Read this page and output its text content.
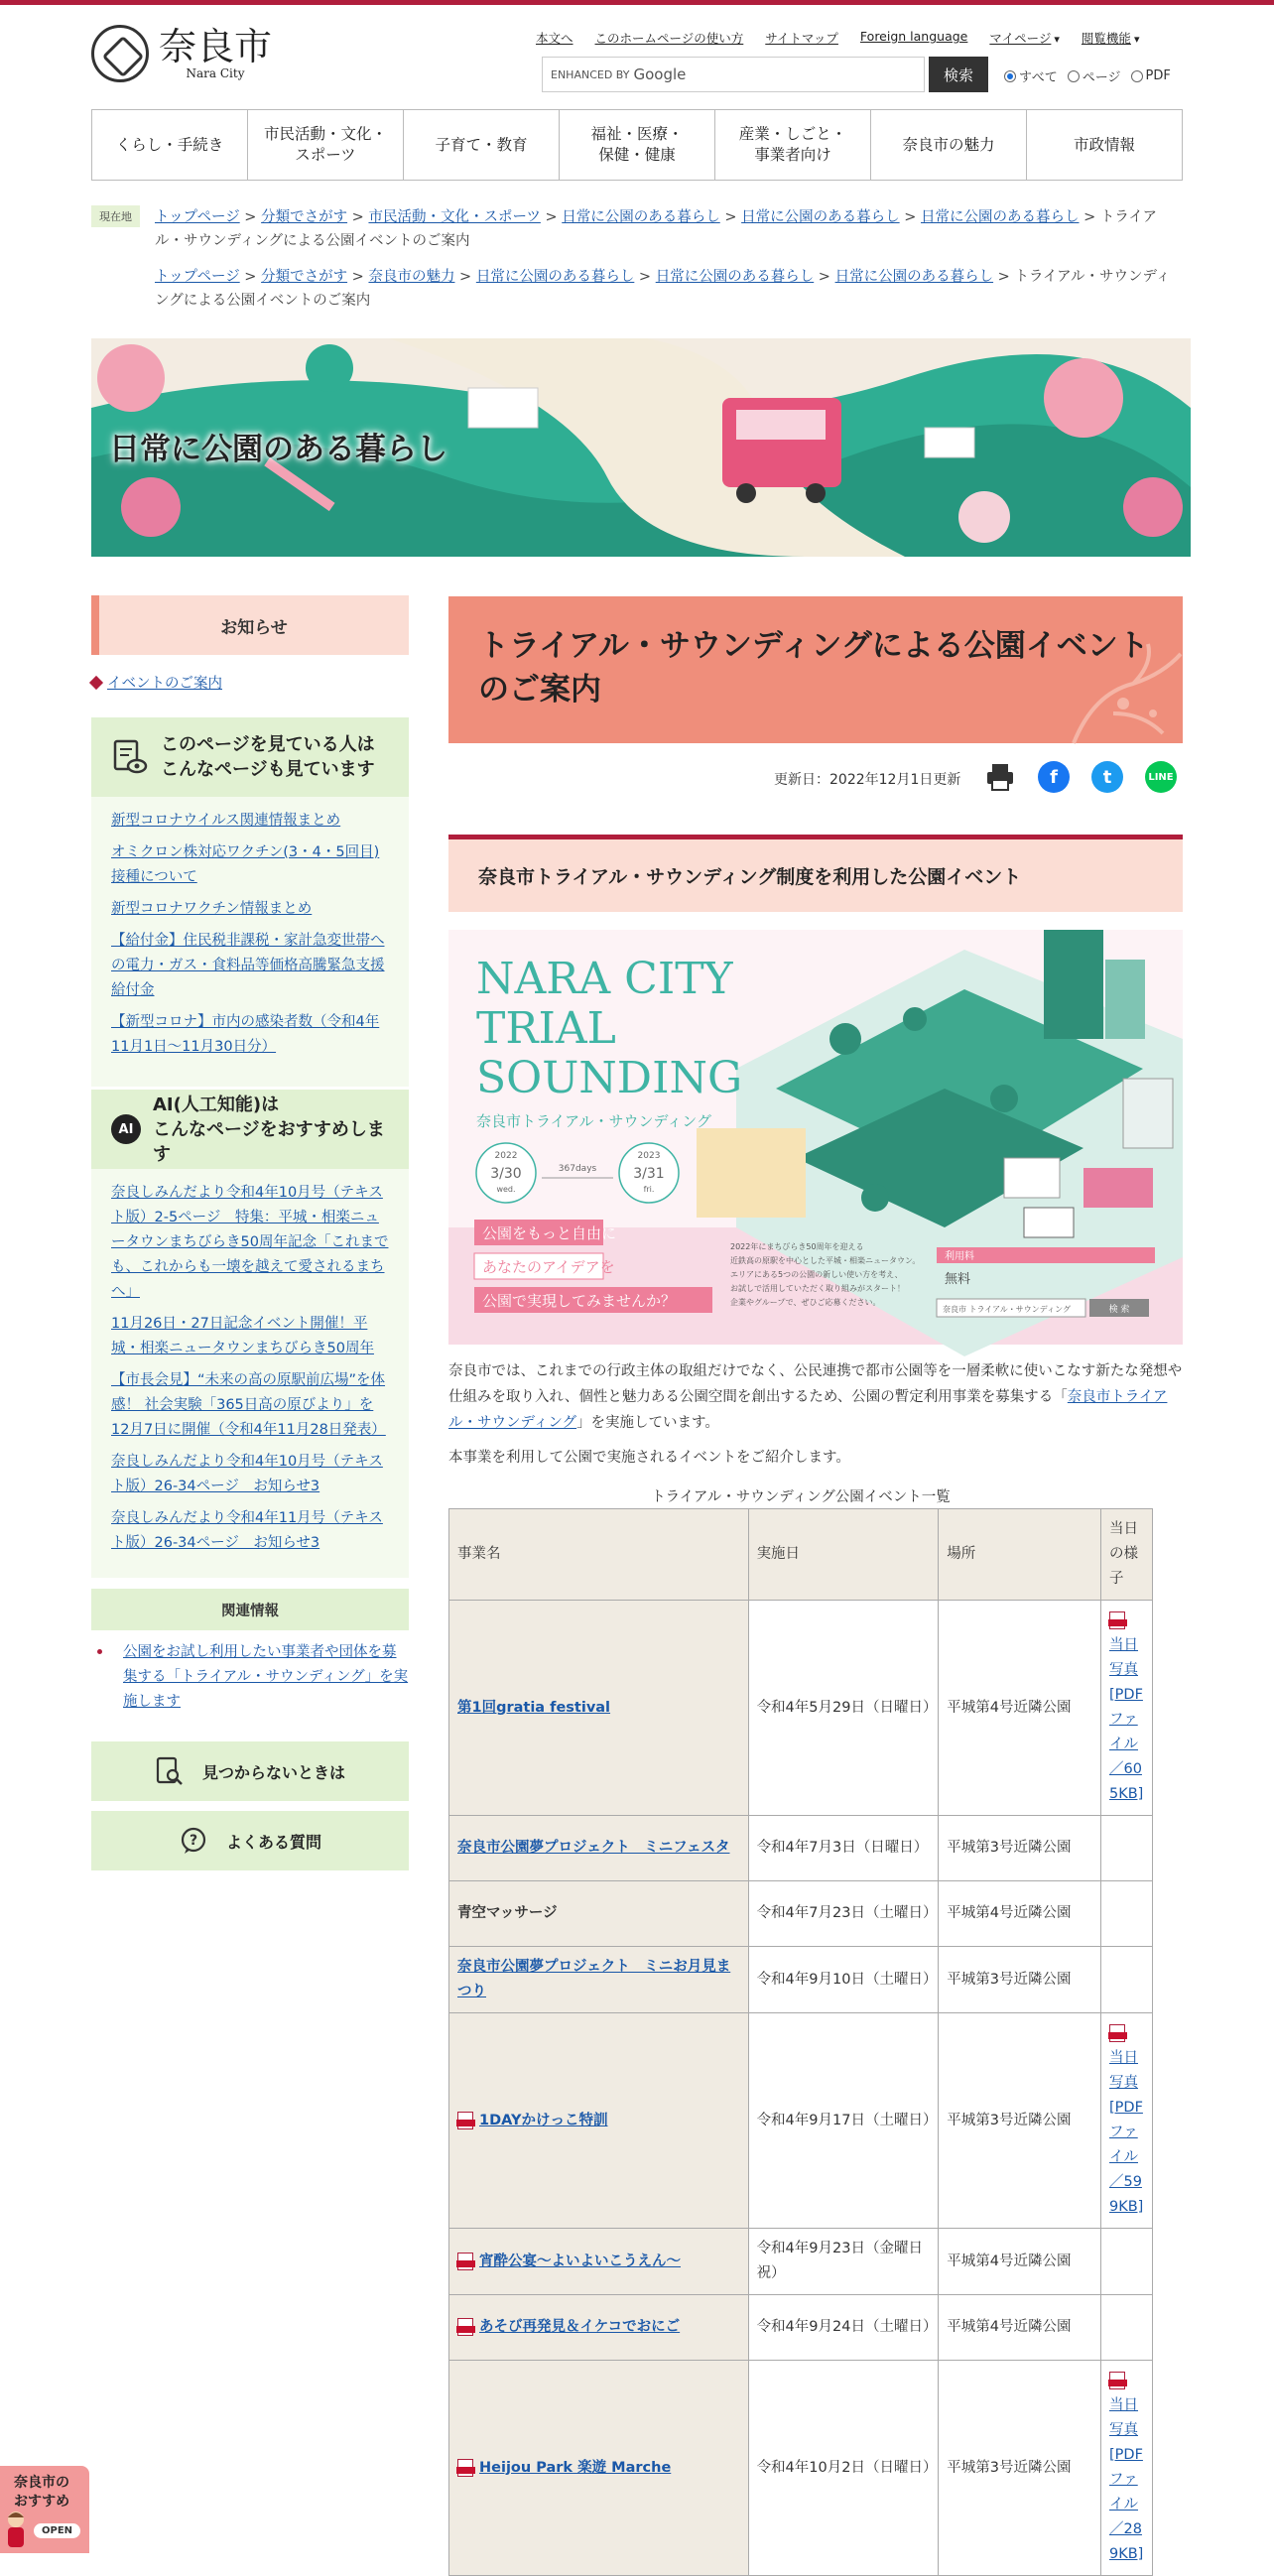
奈良市
Nara City
本文へ このホームページの使い方 サイトマップ Foreign language マイページ ▾	閲覧機能 ▾
ENHANCED BY Google	検索	すべて ページ PDF
くらし・手続き
市民活動・文化・
スポーツ
子育て・教育
福祉・医療・
保健・健康
産業・しごと・
事業者向け
奈良市の魅力	市政情報
現在地	トップページ > 分類でさがす > 市民活動・文化・スポーツ > 日常に公園のある暮らし > 日常に公園のある暮らし > 日常に公園のある暮らし > トライアル・サウンディングによる公園イベントのご案内
トップページ > 分類でさがす > 奈良市の魅力 > 日常に公園のある暮らし > 日常に公園のある暮らし > 日常に公園のある暮らし > トライアル・サウンディングによる公園イベントのご案内
日常に公園のある暮らし
お知らせ
イベントのご案内
このページを見ている人は
こんなページも見ています
新型コロナウイルス関連情報まとめ
オミクロン株対応ワクチン(3・4・5回目)接種について
新型コロナワクチン情報まとめ
【給付金】住民税非課税・家計急変世帯への電力・ガス・食料品等価格高騰緊急支援給付金
【新型コロナ】市内の感染者数（令和4年11月1日～11月30日分）
AI
AI(人工知能)は
こんなページをおすすめします
奈良しみんだより令和4年10月号（テキスト版）2-5ページ　特集：平城・相楽ニュータウンまちびらき50周年記念「これまでも、これからも一壊を越えて愛されるまちへ」
11月26日・27日記念イベント開催！平城・相楽ニュータウンまちびらき50周年
【市長会見】“未来の高の原駅前広場”を体感！ 社会実験「365日高の原びより」を12月7日に開催（令和4年11月28日発表）
奈良しみんだより令和4年10月号（テキスト版）26-34ページ　お知らせ3
奈良しみんだより令和4年11月号（テキスト版）26-34ページ　お知らせ3
関連情報
公園をお試し利用したい事業者や団体を募集する「トライアル・サウンディング」を実施します
見つからないときは
? よくある質問
トライアル・サウンディングによる公園イベントのご案内
更新日：2022年12月1日更新	f	t	LINE
奈良市トライアル・サウンディング制度を利用した公園イベント
NARA CITY
TRIAL
SOUNDING
奈良市トライアル・サウンディング
2022
3/30
wed.
367days
2023
3/31
fri.
公園をもっと自由に
あなたのアイデアを
公園で実現してみませんか？
2022年にまちびらき50周年を迎える
近鉄高の原駅を中心とした平城・相楽ニュータウン。
エリアにある5つの公園の新しい使い方を考え、
お試しで活用していただく取り組みがスタート！
企業やグループで、ぜひご応募ください。
利用料
無料
奈良市 トライアル・サウンディング	検 索
奈良市では、これまでの行政主体の取組だけでなく、公民連携で都市公園等を一層柔軟に使いこなす新たな発想や仕組みを取り入れ、個性と魅力ある公園空間を創出するため、公園の暫定利用事業を募集する「奈良市トライアル・サウンディング」を実施しています。
本事業を利用して公園で実施されるイベントをご紹介します。
トライアル・サウンディング公園イベント一覧
事業名	実施日	場所	当日の様子
第1回gratia festival	令和4年5月29日（日曜日）	平城第4号近隣公園	当日写真[PDFファイル／605KB]

奈良市公園夢プロジェクト　ミニフェスタ	令和4年7月3日（日曜日）	平城第3号近隣公園	
青空マッサージ	令和4年7月23日（土曜日）	平城第4号近隣公園	
奈良市公園夢プロジェクト　ミニお月見まつり	令和4年9月10日（土曜日）	平城第3号近隣公園	
1DAYかけっこ特訓	令和4年9月17日（土曜日）	平城第3号近隣公園	当日写真[PDFファイル／599KB]

宵酔公宴～よいよいこうえん～	令和4年9月23日（金曜日祝）	平城第4号近隣公園	
あそび再発見＆イケコでおにご	令和4年9月24日（土曜日）	平城第4号近隣公園	
Heijou Park 楽遊 Marche	令和4年10月2日（日曜日）	平城第3号近隣公園	当日写真[PDFファイル／289KB]
奈良市の
おすすめ
OPEN
